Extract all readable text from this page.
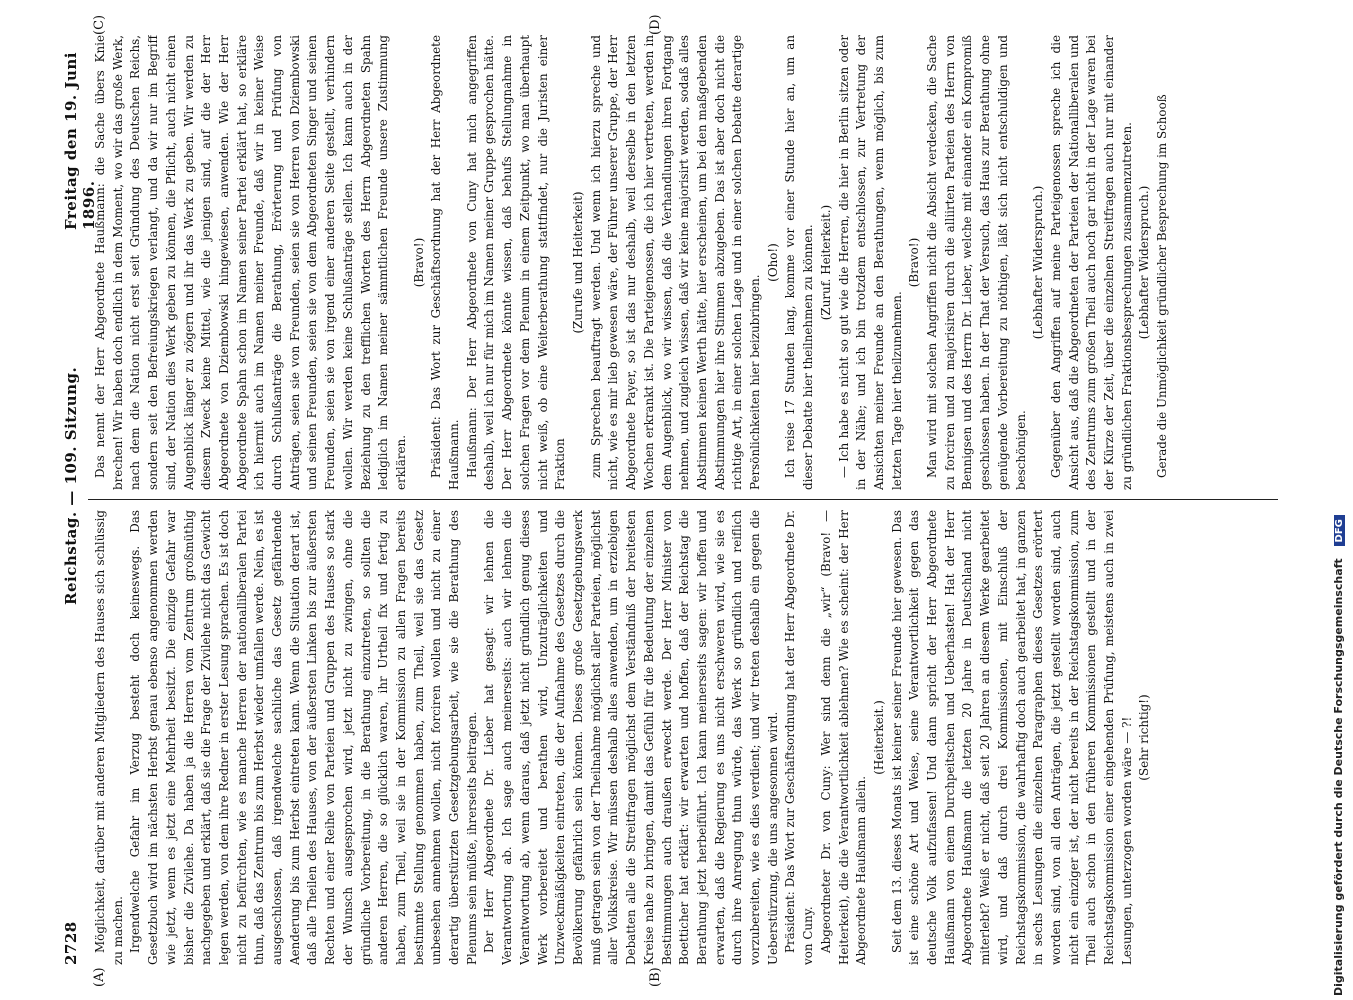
2728
Reichstag. — 109. Sitzung.
Freitag den 19. Juni 1896.
(A)	(B)
(C)	(D)

Möglichkeit, darüber mit anderen Mitgliedern des Hauses sich schlüssig zu machen. Irgendwelche Gefahr im Verzug besteht doch keineswegs. Das Gesetzbuch wird im nächsten Herbst genau ebenso angenommen werden wie jetzt, wenn es jetzt eine Mehrheit besitzt. Die einzige Gefahr war bisher die Zivilehe. Da haben ja die Herren vom Zentrum großmüthig nachgegeben und erklärt, daß sie die Frage der Zivilehe nicht das Gewicht legen werden, von dem ihre Redner in erster Lesung sprachen. Es ist doch nicht zu befürchten, wie es manche Herren der nationalliberalen Partei thun, daß das Zentrum bis zum Herbst wieder umfallen werde. Nein, es ist ausgeschlossen, daß irgendwelche sachliche das Gesetz gefährdende Aenderung bis zum Herbst eintreten kann. Wenn die Situation derart ist, daß alle Theilen des Hauses, von der äußersten Linken bis zur äußersten Rechten und einer Reihe von Parteien und Gruppen des Hauses so stark der Wunsch ausgesprochen wird, jetzt nicht zu zwingen, ohne die gründliche Vorbereitung, in die Berathung einzutreten, so sollten die anderen Herren, die so glücklich waren, ihr Urtheil fix und fertig zu haben, zum Theil, weil sie in der Kommission zu allen Fragen bereits bestimmte Stellung genommen haben, zum Theil, weil sie das Gesetz unbesehen annehmen wollen, nicht forciren wollen und nicht zu einer derartig überstürzten Gesetzgebungsarbeit, wie sie die Berathung des Plenums sein müßte, ihrerseits beitragen. Der Herr Abgeordnete Dr. Lieber hat gesagt: wir lehnen die Verantwortung ab. Ich sage auch meinerseits: auch wir lehnen die Verantwortung ab, wenn daraus, daß jetzt nicht gründlich genug dieses Werk vorbereitet und berathen wird, Unzuträglichkeiten und Unzweckmäßigkeiten eintreten, die der Aufnahme des Gesetzes durch die Bevölkerung gefährlich sein können. Dieses große Gesetzgebungswerk muß getragen sein von der Theilnahme möglichst aller Parteien, möglichst aller Volkskreise. Wir müssen deshalb alles anwenden, um in erziebigen Debatten alle die Streitfragen möglichst dem Verständniß der breitesten Kreise nahe zu bringen, damit das Gefühl für die Bedeutung der einzelnen Bestimmungen auch draußen erweckt werde. Der Herr Minister von Boetticher hat erklärt: wir erwarten und hoffen, daß der Reichstag die Berathung jetzt herbeiführt. Ich kann meinerseits sagen: wir hoffen und erwarten, daß die Regierung es uns nicht erschweren wird, wie sie es durch ihre Anregung thun würde, das Werk so gründlich und reiflich vorzubereiten, wie es dies verdient; und wir treten deshalb ein gegen die Ueberstürzung, die uns angesonnen wird. Präsident: Das Wort zur Geschäftsordnung hat der Herr Abgeordnete Dr. von Cuny. Abgeordneter Dr. von Cuny: Wer sind denn die „wir“ (Bravo! — Heiterkeit), die die Verantwortlichkeit ablehnen? Wie es scheint: der Herr Abgeordnete Haußmann allein.

(Heiterkeit.) Seit dem 13. dieses Monats ist keiner seiner Freunde hier gewesen. Das ist eine schöne Art und Weise, seine Verantwortlichkeit gegen das deutsche Volk aufzufassen! Und dann spricht der Herr Abgeordnete Haußmann von einem Durchpeitschen und Ueberhasten! Hat der Herr Abgeordnete Haußmann die letzten 20 Jahre in Deutschland nicht miterlebt? Weiß er nicht, daß seit 20 Jahren an diesem Werke gearbeitet wird, und daß durch drei Kommissionen, mit Einschluß der Reichstagskommission, die wahrhaftig doch auch gearbeitet hat, in ganzen in sechs Lesungen die einzelnen Paragraphen dieses Gesetzes erörtert worden sind, von all den Anträgen, die jetzt gestellt worden sind, auch nicht ein einziger ist, der nicht bereits in der Reichstagskommission, zum Theil auch schon in den früheren Kommissionen gestellt und in der Reichstagskommission einer eingehenden Prüfung, meistens auch in zwei Lesungen, unterzogen worden wäre — ?! (Sehr richtig!)

Das nennt der Herr Abgeordnete Haußmann: die Sache übers Knie brechen! Wir haben doch endlich in dem Moment, wo wir das große Werk, nach dem die Nation nicht erst seit Gründung des Deutschen Reichs, sondern seit den Befreiungskriegen verlangt, und da wir nur im Begriff sind, der Nation dies Werk geben zu können, die Pflicht, auch nicht einen Augenblick länger zu zögern und ihr das Werk zu geben. Wir werden zu diesem Zweck keine Mittel, wie die jenigen sind, auf die der Herr Abgeordnete von Dziembowski hingewiesen, anwenden. Wie der Herr Abgeordnete Spahn schon im Namen seiner Partei erklärt hat, so erkläre ich hiermit auch im Namen meiner Freunde, daß wir in keiner Weise durch Schlußanträge die Berathung, Erörterung und Prüfung von Anträgen, seien sie von Freunden, seien sie von Herren von Dziembowski und seinen Freunden, seien sie von dem Abgeordneten Singer und seinen Freunden, seien sie von irgend einer anderen Seite gestellt, verhindern wollen. Wir werden keine Schlußanträge stellen. Ich kann auch in der Beziehung zu den trefflichen Worten des Herrn Abgeordneten Spahn lediglich im Namen meiner sämmtlichen Freunde unsere Zustimmung erklären.

(Bravo!) Präsident: Das Wort zur Geschäftsordnung hat der Herr Abgeordnete Haußmann. Haußmann: Der Herr Abgeordnete von Cuny hat mich angegriffen deshalb, weil ich nur für mich im Namen meiner Gruppe gesprochen hätte. Der Herr Abgeordnete könnte wissen, daß behufs Stellungnahme in solchen Fragen vor dem Plenum in einem Zeitpunkt, wo man überhaupt nicht weiß, ob eine Weiterberathung stattfindet, nur die Juristen einer Fraktion

(Zurufe und Heiterkeit) zum Sprechen beauftragt werden. Und wenn ich hierzu spreche und nicht, wie es mir lieb gewesen wäre, der Führer unserer Gruppe, der Herr Abgeordnete Payer, so ist das nur deshalb, weil derselbe in den letzten Wochen erkrankt ist. Die Parteigenossen, die ich hier vertreten, werden in dem Augenblick, wo wir wissen, daß die Verhandlungen ihren Fortgang nehmen, und zugleich wissen, daß wir keine majorisirt werden, sodaß alles Abstimmen keinen Werth hätte, hier erscheinen, um bei den maßgebenden Abstimmungen hier ihre Stimmen abzugeben. Das ist aber doch nicht die richtige Art, in einer solchen Lage und in einer solchen Debatte derartige Persönlichkeiten hier beizubringen.

(Oho!) Ich reise 17 Stunden lang, komme vor einer Stunde hier an, um an dieser Debatte hier theilnehmen zu können. (Zuruf. Heiterkeit.) — Ich habe es nicht so gut wie die Herren, die hier in Berlin sitzen oder in der Nähe; und ich bin trotzdem entschlossen, zur Vertretung der Ansichten meiner Freunde an den Berathungen, wenn möglich, bis zum letzten Tage hier theilzunehmen.

(Bravo!) Man wird mit solchen Angriffen nicht die Absicht verdecken, die Sache zu forciren und zu majorisiren durch die alliirten Parteien des Herrn von Bennigsen und des Herrn Dr. Lieber, welche mit einander ein Kompromiß geschlossen haben. In der That der Versuch, das Haus zur Berathung ohne genügende Vorbereitung zu nöthigen, läßt sich nicht entschuldigen und beschönigen.

(Lebhafter Widerspruch.) Gegenüber den Angriffen auf meine Parteigenossen spreche ich die Ansicht aus, daß die Abgeordneten der Parteien der Nationalliberalen und des Zentrums zum großen Theil auch noch gar nicht in der Lage waren bei der Kürze der Zeit, über die einzelnen Streitfragen auch nur mit einander zu gründlichen Fraktionsbesprechungen zusammenzutreten. (Lebhafter Widerspruch.) Gerade die Unmöglichkeit gründlicher Besprechung im Schooß

Digitalisierung gefördert durch die Deutsche Forschungsgemeinschaft DFG
